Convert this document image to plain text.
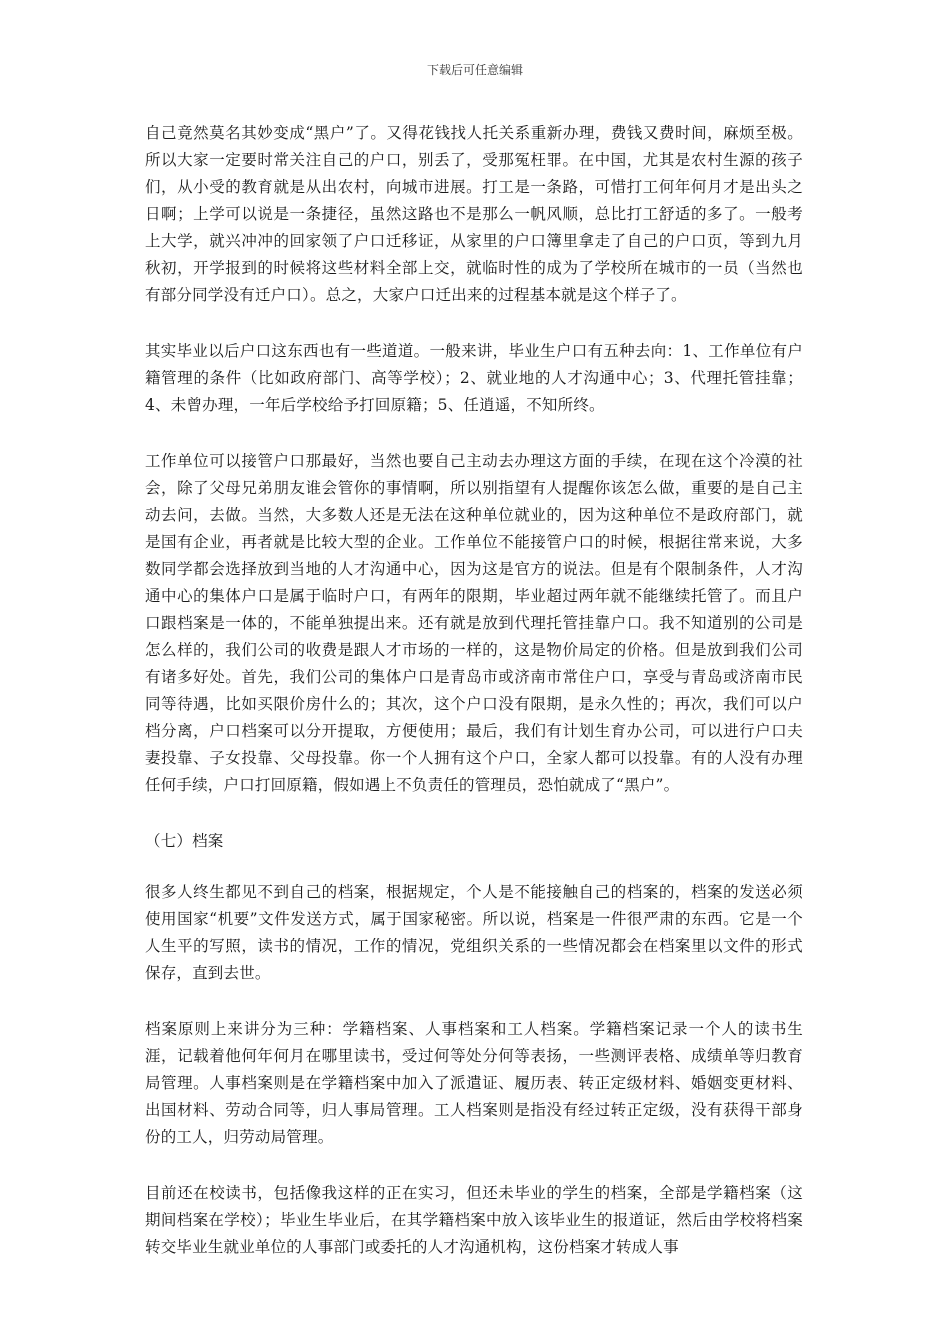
下载后可任意编辑

自己竟然莫名其妙变成“黑户”了。又得花钱找人托关系重新办理，费钱又费时间，麻烦至极。所以大家一定要时常关注自己的户口，别丢了，受那冤枉罪。在中国，尤其是农村生源的孩子们，从小受的教育就是从出农村，向城市进展。打工是一条路，可惜打工何年何月才是出头之日啊；上学可以说是一条捷径，虽然这路也不是那么一帆风顺，总比打工舒适的多了。一般考上大学，就兴冲冲的回家领了户口迁移证，从家里的户口簿里拿走了自己的户口页，等到九月秋初，开学报到的时候将这些材料全部上交，就临时性的成为了学校所在城市的一员（当然也有部分同学没有迁户口）。总之，大家户口迁出来的过程基本就是这个样子了。

其实毕业以后户口这东西也有一些道道。一般来讲，毕业生户口有五种去向：1、工作单位有户籍管理的条件（比如政府部门、高等学校）；2、就业地的人才沟通中心；3、代理托管挂靠；4、未曾办理，一年后学校给予打回原籍；5、任逍遥，不知所终。

工作单位可以接管户口那最好，当然也要自己主动去办理这方面的手续，在现在这个冷漠的社会，除了父母兄弟朋友谁会管你的事情啊，所以别指望有人提醒你该怎么做，重要的是自己主动去问，去做。当然，大多数人还是无法在这种单位就业的，因为这种单位不是政府部门，就是国有企业，再者就是比较大型的企业。工作单位不能接管户口的时候，根据往常来说，大多数同学都会选择放到当地的人才沟通中心，因为这是官方的说法。但是有个限制条件，人才沟通中心的集体户口是属于临时户口，有两年的限期，毕业超过两年就不能继续托管了。而且户口跟档案是一体的，不能单独提出来。还有就是放到代理托管挂靠户口。我不知道别的公司是怎么样的，我们公司的收费是跟人才市场的一样的，这是物价局定的价格。但是放到我们公司有诸多好处。首先，我们公司的集体户口是青岛市或济南市常住户口，享受与青岛或济南市民同等待遇，比如买限价房什么的；其次，这个户口没有限期，是永久性的；再次，我们可以户档分离，户口档案可以分开提取，方便使用；最后，我们有计划生育办公司，可以进行户口夫妻投靠、子女投靠、父母投靠。你一个人拥有这个户口，全家人都可以投靠。有的人没有办理任何手续，户口打回原籍，假如遇上不负责任的管理员，恐怕就成了“黑户”。

（七）档案

很多人终生都见不到自己的档案，根据规定，个人是不能接触自己的档案的，档案的发送必须使用国家“机要”文件发送方式，属于国家秘密。所以说，档案是一件很严肃的东西。它是一个人生平的写照，读书的情况，工作的情况，党组织关系的一些情况都会在档案里以文件的形式保存，直到去世。

档案原则上来讲分为三种：学籍档案、人事档案和工人档案。学籍档案记录一个人的读书生涯，记载着他何年何月在哪里读书，受过何等处分何等表扬，一些测评表格、成绩单等归教育局管理。人事档案则是在学籍档案中加入了派遣证、履历表、转正定级材料、婚姻变更材料、出国材料、劳动合同等，归人事局管理。工人档案则是指没有经过转正定级，没有获得干部身份的工人，归劳动局管理。

目前还在校读书，包括像我这样的正在实习，但还未毕业的学生的档案，全部是学籍档案（这期间档案在学校）；毕业生毕业后，在其学籍档案中放入该毕业生的报道证，然后由学校将档案转交毕业生就业单位的人事部门或委托的人才沟通机构，这份档案才转成人事
